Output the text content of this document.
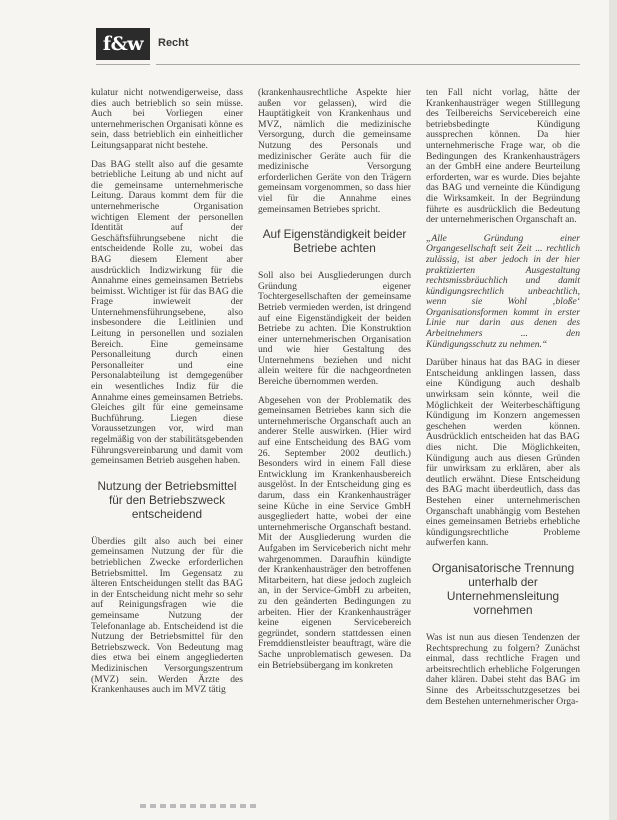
f&w	Recht

kulatur nicht notwendigerweise, dass dies auch betrieblich so sein müsse. Auch bei Vorliegen einer unternehmerischen Organisati könne es sein, dass betrieblich ein einheitlicher Leitungsapparat nicht bestehe.

Das BAG stellt also auf die gesamte betriebliche Leitung ab und nicht auf die gemeinsame unternehmerische Leitung. Daraus kommt dem für die unternehmerische Organisation wichtigen Element der personellen Identität auf der Geschäftsführungsebene nicht die entscheidende Rolle zu, wobei das BAG diesem Element aber ausdrücklich Indizwirkung für die Annahme eines gemeinsamen Betriebs beimisst. Wichtiger ist für das BAG die Frage inwieweit der Unternehmensführungsebene, also insbesondere die Leitlinien und Leitung in personellen und sozialen Bereich. Eine gemeinsame Personalleitung durch einen Personalleiter und eine Personalabteilung ist demgegenüber ein wesentliches Indiz für die Annahme eines gemeinsamen Betriebs. Gleiches gilt für eine gemeinsame Buchführung. Liegen diese Voraussetzungen vor, wird man regelmäßig von der stabilitätsgebenden Führungsvereinbarung und damit vom gemeinsamen Betrieb ausgehen haben.

Nutzung der Betriebsmittel für den Betriebszweck entscheidend

Überdies gilt also auch bei einer gemeinsamen Nutzung der für die betrieblichen Zwecke erforderlichen Betriebsmittel. Im Gegensatz zu älteren Entscheidungen stellt das BAG in der Entscheidung nicht mehr so sehr auf Reinigungsfragen wie die gemeinsame Nutzung der Telefonanlage ab. Entscheidend ist die Nutzung der Betriebsmittel für den Betriebszweck. Von Bedeutung mag dies etwa bei einem angegliederten Medizinischen Versorgungszentrum (MVZ) sein. Werden Ärzte des Krankenhauses auch im MVZ tätig

(krankenhausrechtliche Aspekte hier außen vor gelassen), wird die Hauptätigkeit von Krankenhaus und MVZ, nämlich die medizinische Versorgung, durch die gemeinsame Nutzung des Personals und medizinischer Geräte auch für die medizinische Versorgung erforderlichen Geräte von den Trägern gemeinsam vorgenommen, so dass hier viel für die Annahme eines gemeinsamen Betriebes spricht.

Auf Eigenständigkeit beider Betriebe achten

Soll also bei Ausgliederungen durch Gründung eigener Tochtergesellschaften der gemeinsame Betrieb vermieden werden, ist dringend auf eine Eigenständigkeit der beiden Betriebe zu achten. Die Konstruktion einer unternehmerischen Organisation und wie hier Gestaltung des Unternehmens beziehen und nicht allein weitere für die nachgeordneten Bereiche übernommen werden.

Abgesehen von der Problematik des gemeinsamen Betriebes kann sich die unternehmerische Organschaft auch an anderer Stelle auswirken. (Hier wird auf eine Entscheidung des BAG vom 26. September 2002 deutlich.) Besonders wird in einem Fall diese Entwicklung im Krankenhausbereich ausgelöst. In der Entscheidung ging es darum, dass ein Krankenhausträger seine Küche in eine Service GmbH ausgegliedert hatte, wobei der eine unternehmerische Organschaft bestand. Mit der Ausgliederung wurden die Aufgaben im Serviceberich nicht mehr wahrgenommen. Daraufhin kündigte der Krankenhausträger den betroffenen Mitarbeitern, hat diese jedoch zugleich an, in der Service-GmbH zu arbeiten, zu den geänderten Bedingungen zu arbeiten. Hier der Krankenhausträger keine eigenen Servicebereich gegründet, sondern stattdessen einen Fremddienstleister beauftragt, wäre die Sache unproblematisch gewesen. Da ein Betriebsübergang im konkreten

ten Fall nicht vorlag, hätte der Krankenhausträger wegen Stilllegung des Teilbereichs Servicebereich eine betriebsbedingte Kündigung aussprechen können. Da hier unternehmerische Frage war, ob die Bedingungen des Krankenhausträgers an der GmbH eine andere Beurteilung erforderten, war es wurde. Dies bejahte das BAG und verneinte die Kündigung die Wirksamkeit. In der Begründung führte es ausdrücklich die Bedeutung der unternehmerischen Organschaft an.

„Alle Gründung einer Organgesellschaft seit Zeit ... rechtlich zulässig, ist aber jedoch in der hier praktizierten Ausgestaltung rechtsmissbräuchlich und damit kündigungsrechtlich unbeachtlich, wenn sie Wohl ‚bloße‘ Organisationsformen kommt in erster Linie nur darin aus denen des Arbeitnehmers ... den Kündigungsschutz zu nehmen.“

Darüber hinaus hat das BAG in dieser Entscheidung anklingen lassen, dass eine Kündigung auch deshalb unwirksam sein könnte, weil die Möglichkeit der Weiterbeschäftigung Kündigung im Konzern angemessen geschehen werden können. Ausdrücklich entscheiden hat das BAG dies nicht. Die Möglichkeiten, Kündigung auch aus diesen Gründen für unwirksam zu erklären, aber als deutlich erwähnt. Diese Entscheidung des BAG macht überdeutlich, dass das Bestehen einer unternehmerischen Organschaft unabhängig vom Bestehen eines gemeinsamen Betriebs erhebliche kündigungsrechtliche Probleme aufwerfen kann.

Organisatorische Trennung unterhalb der Unternehmensleitung vornehmen

Was ist nun aus diesen Tendenzen der Rechtsprechung zu folgern? Zunächst einmal, dass rechtliche Fragen und arbeitsrechtlich erhebliche Folgerungen daher klären. Dabei steht das BAG im Sinne des Arbeitsschutzgesetzes bei dem Bestehen unternehmerischer Orga-
